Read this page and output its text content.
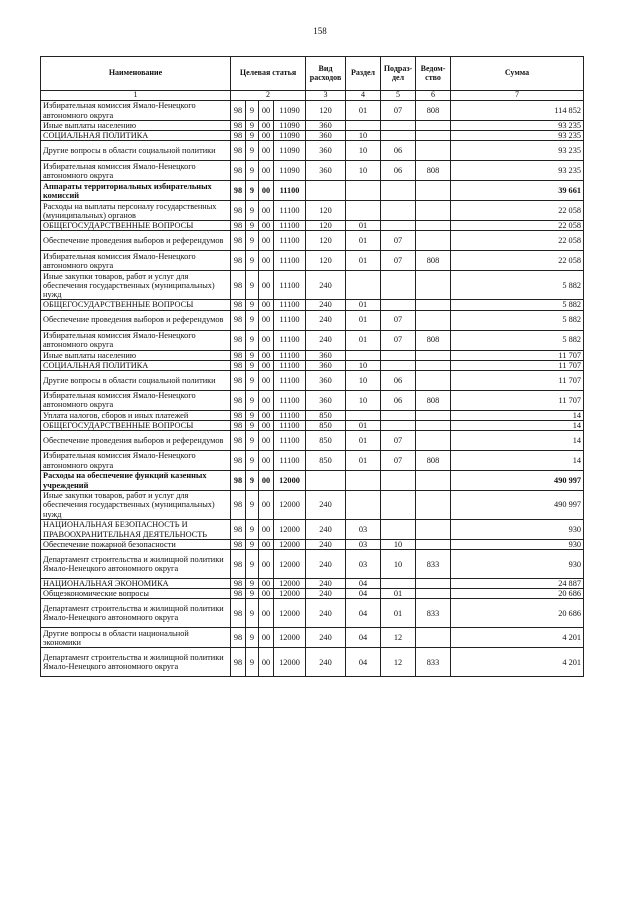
158
Наименование	Целевая статья				Вид расходов	Раздел	Подраз-дел	Ведом-ство	Сумма
1	2				3	4	5	6	7
Избирательная комиссия Ямало-Ненецкого автономного округа	98	9	00	11090	120	01	07	808	114 852
Иные выплаты населению	98	9	00	11090	360				93 235
СОЦИАЛЬНАЯ ПОЛИТИКА	98	9	00	11090	360	10			93 235
Другие вопросы в области социальной политики	98	9	00	11090	360	10	06		93 235
Избирательная комиссия Ямало-Ненецкого автономного округа	98	9	00	11090	360	10	06	808	93 235
Аппараты территориальных избирательных комиссий	98	9	00	11100					39 661
Расходы на выплаты персоналу государственных (муниципальных) органов	98	9	00	11100	120				22 058
ОБЩЕГОСУДАРСТВЕННЫЕ ВОПРОСЫ	98	9	00	11100	120	01			22 058
Обеспечение проведения выборов и референдумов	98	9	00	11100	120	01	07		22 058
Избирательная комиссия Ямало-Ненецкого автономного округа	98	9	00	11100	120	01	07	808	22 058
Иные закупки товаров, работ и услуг для обеспечения государственных (муниципальных) нужд	98	9	00	11100	240				5 882
ОБЩЕГОСУДАРСТВЕННЫЕ ВОПРОСЫ	98	9	00	11100	240	01			5 882
Обеспечение проведения выборов и референдумов	98	9	00	11100	240	01	07		5 882
Избирательная комиссия Ямало-Ненецкого автономного округа	98	9	00	11100	240	01	07	808	5 882
Иные выплаты населению	98	9	00	11100	360				11 707
СОЦИАЛЬНАЯ ПОЛИТИКА	98	9	00	11100	360	10			11 707
Другие вопросы в области социальной политики	98	9	00	11100	360	10	06		11 707
Избирательная комиссия Ямало-Ненецкого автономного округа	98	9	00	11100	360	10	06	808	11 707
Уплата налогов, сборов и иных платежей	98	9	00	11100	850				14
ОБЩЕГОСУДАРСТВЕННЫЕ ВОПРОСЫ	98	9	00	11100	850	01			14
Обеспечение проведения выборов и референдумов	98	9	00	11100	850	01	07		14
Избирательная комиссия Ямало-Ненецкого автономного округа	98	9	00	11100	850	01	07	808	14
Расходы на обеспечение функций казенных учреждений	98	9	00	12000					490 997
Иные закупки товаров, работ и услуг для обеспечения государственных (муниципальных) нужд	98	9	00	12000	240				490 997
НАЦИОНАЛЬНАЯ БЕЗОПАСНОСТЬ И ПРАВООХРАНИТЕЛЬНАЯ ДЕЯТЕЛЬНОСТЬ	98	9	00	12000	240	03			930
Обеспечение пожарной безопасности	98	9	00	12000	240	03	10		930
Департамент строительства и жилищной политики Ямало-Ненецкого автономного округа	98	9	00	12000	240	03	10	833	930
НАЦИОНАЛЬНАЯ ЭКОНОМИКА	98	9	00	12000	240	04			24 887
Общеэкономические вопросы	98	9	00	12000	240	04	01		20 686
Департамент строительства и жилищной политики Ямало-Ненецкого автономного округа	98	9	00	12000	240	04	01	833	20 686
Другие вопросы в области национальной экономики	98	9	00	12000	240	04	12		4 201
Департамент строительства и жилищной политики Ямало-Ненецкого автономного округа	98	9	00	12000	240	04	12	833	4 201
